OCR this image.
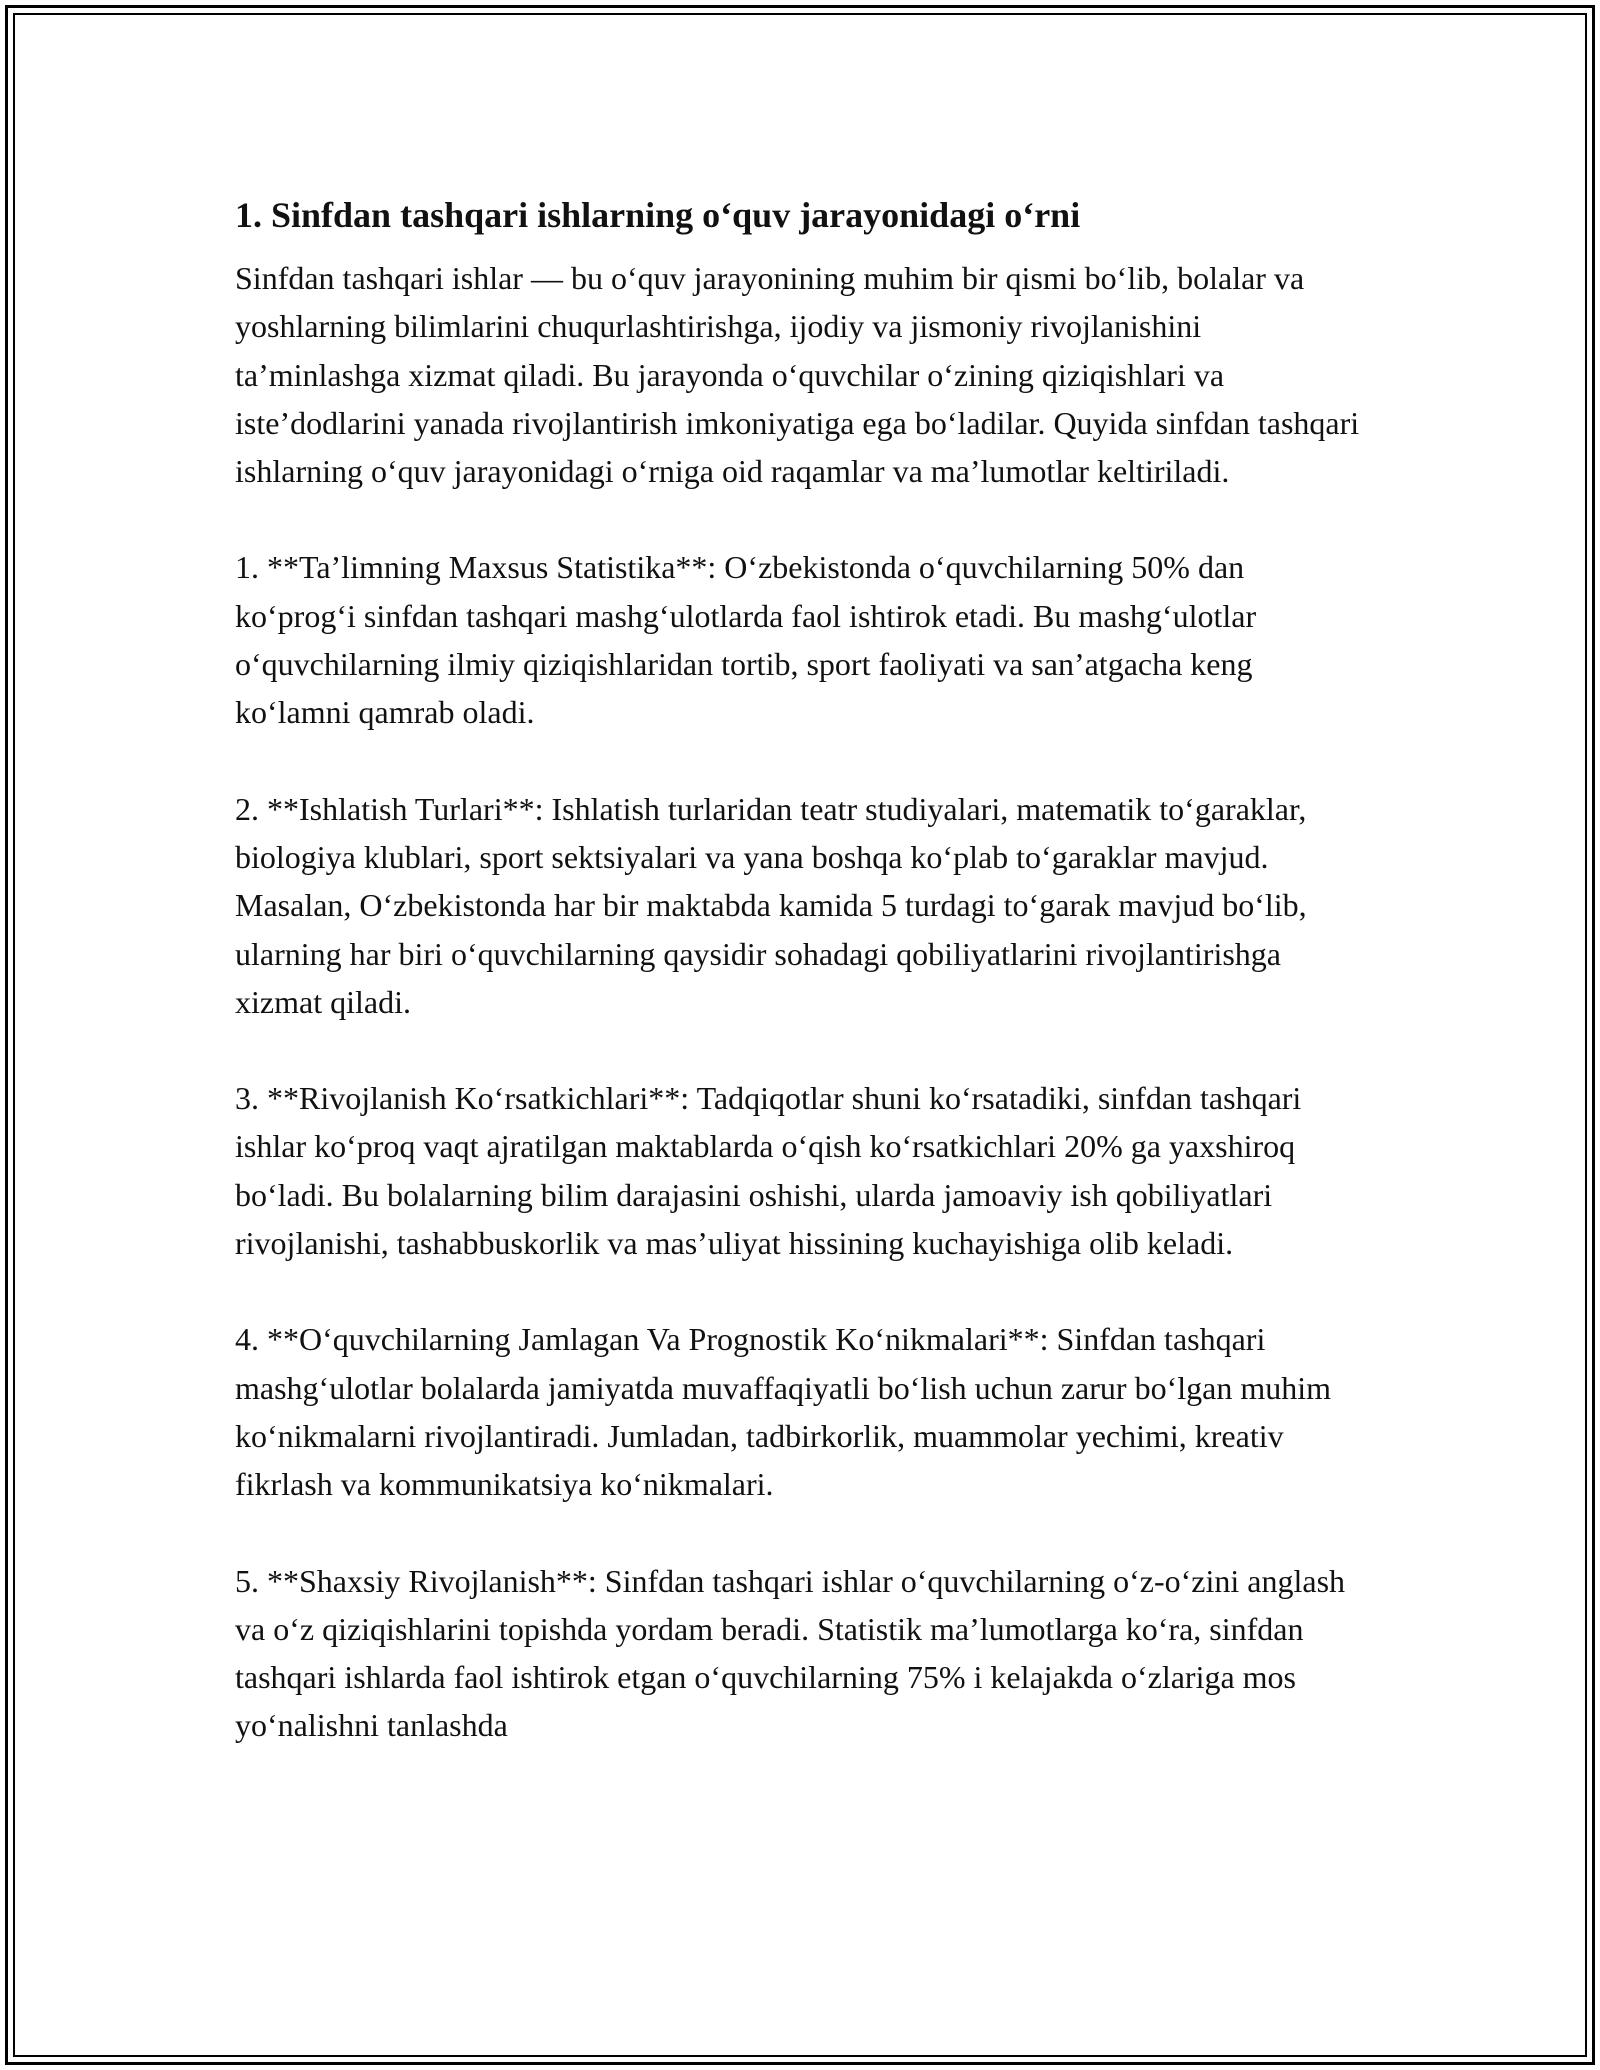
1. Sinfdan tashqari ishlarning o‘quv jarayonidagi o‘rni

Sinfdan tashqari ishlar — bu o‘quv jarayonining muhim bir qismi bo‘lib, bolalar va yoshlarning bilimlarini chuqurlashtirishga, ijodiy va jismoniy rivojlanishini ta’minlashga xizmat qiladi. Bu jarayonda o‘quvchilar o‘zining qiziqishlari va iste’dodlarini yanada rivojlantirish imkoniyatiga ega bo‘ladilar. Quyida sinfdan tashqari ishlarning o‘quv jarayonidagi o‘rniga oid raqamlar va ma’lumotlar keltiriladi.

1. **Ta’limning Maxsus Statistika**: O‘zbekistonda o‘quvchilarning 50% dan ko‘prog‘i sinfdan tashqari mashg‘ulotlarda faol ishtirok etadi. Bu mashg‘ulotlar o‘quvchilarning ilmiy qiziqishlaridan tortib, sport faoliyati va san’atgacha keng ko‘lamni qamrab oladi.

2. **Ishlatish Turlari**: Ishlatish turlaridan teatr studiyalari, matematik to‘garaklar, biologiya klublari, sport sektsiyalari va yana boshqa ko‘plab to‘garaklar mavjud. Masalan, O‘zbekistonda har bir maktabda kamida 5 turdagi to‘garak mavjud bo‘lib, ularning har biri o‘quvchilarning qaysidir sohadagi qobiliyatlarini rivojlantirishga xizmat qiladi.

3. **Rivojlanish Ko‘rsatkichlari**: Tadqiqotlar shuni ko‘rsatadiki, sinfdan tashqari ishlar ko‘proq vaqt ajratilgan maktablarda o‘qish ko‘rsatkichlari 20% ga yaxshiroq bo‘ladi. Bu bolalarning bilim darajasini oshishi, ularda jamoaviy ish qobiliyatlari rivojlanishi, tashabbuskorlik va mas’uliyat hissining kuchayishiga olib keladi.

4. **O‘quvchilarning Jamlagan Va Prognostik Ko‘nikmalari**: Sinfdan tashqari mashg‘ulotlar bolalarda jamiyatda muvaffaqiyatli bo‘lish uchun zarur bo‘lgan muhim ko‘nikmalarni rivojlantiradi. Jumladan, tadbirkorlik, muammolar yechimi, kreativ fikrlash va kommunikatsiya ko‘nikmalari.

5. **Shaxsiy Rivojlanish**: Sinfdan tashqari ishlar o‘quvchilarning o‘z-o‘zini anglash va o‘z qiziqishlarini topishda yordam beradi. Statistik ma’lumotlarga ko‘ra, sinfdan tashqari ishlarda faol ishtirok etgan o‘quvchilarning 75% i kelajakda o‘zlariga mos yo‘nalishni tanlashda
